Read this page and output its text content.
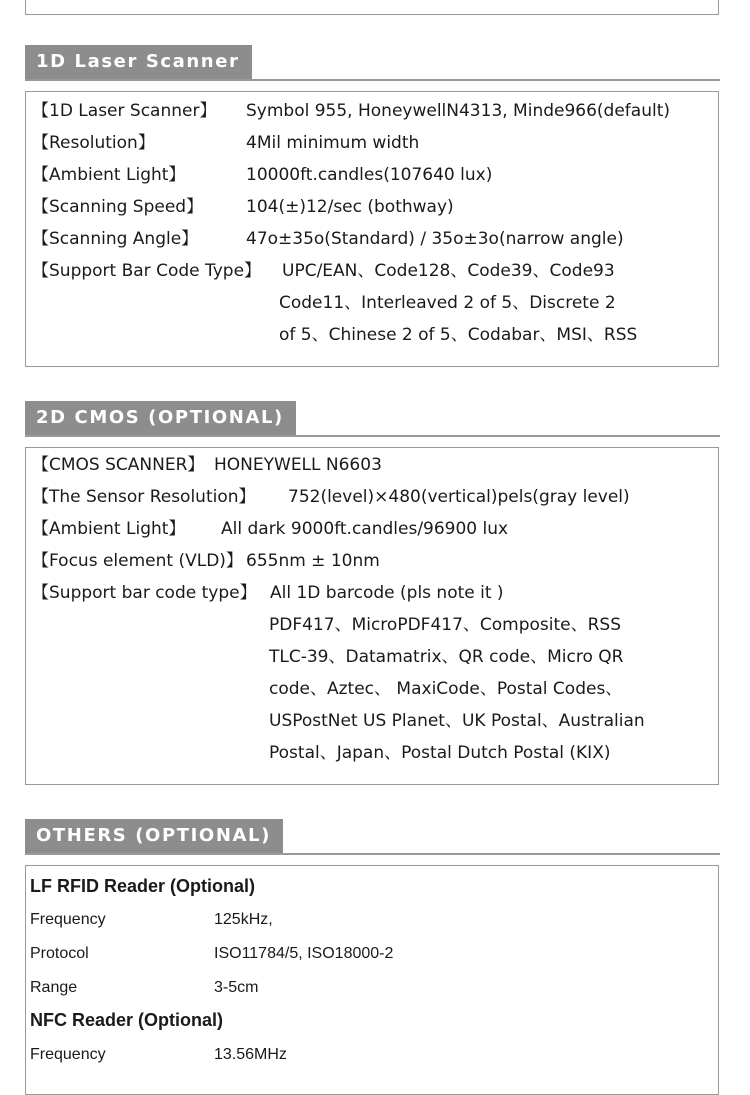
1D Laser Scanner
【1D Laser Scanner】 Symbol 955, HoneywellN4313, Minde966(default)
【Resolution】	4Mil minimum width
【Ambient Light】	10000ft.candles(107640 lux)
【Scanning Speed】	104(±)12/sec (bothway)
【Scanning Angle】	47o±35o(Standard) / 35o±3o(narrow angle)
【Support Bar Code Type】 UPC/EAN、Code128、Code39、Code93
Code11、Interleaved 2 of 5、Discrete 2
of 5、Chinese 2 of 5、Codabar、MSI、RSS
2D CMOS (OPTIONAL)
【CMOS SCANNER】 HONEYWELL N6603
【The Sensor Resolution】 752(level)×480(vertical)pels(gray level)
【Ambient Light】 All dark 9000ft.candles/96900 lux
【Focus element (VLD)】 655nm ± 10nm
【Support bar code type】 All 1D barcode (pls note it )
PDF417、MicroPDF417、Composite、RSS
TLC-39、Datamatrix、QR code、Micro QR
code、Aztec、 MaxiCode、Postal Codes、
USPostNet US Planet、UK Postal、Australian
Postal、Japan、Postal Dutch Postal (KIX)
OTHERS (OPTIONAL)
LF RFID Reader (Optional)
Frequency	125kHz,
Protocol	ISO11784/5, ISO18000-2
Range	3-5cm
NFC Reader (Optional)
Frequency	13.56MHz
